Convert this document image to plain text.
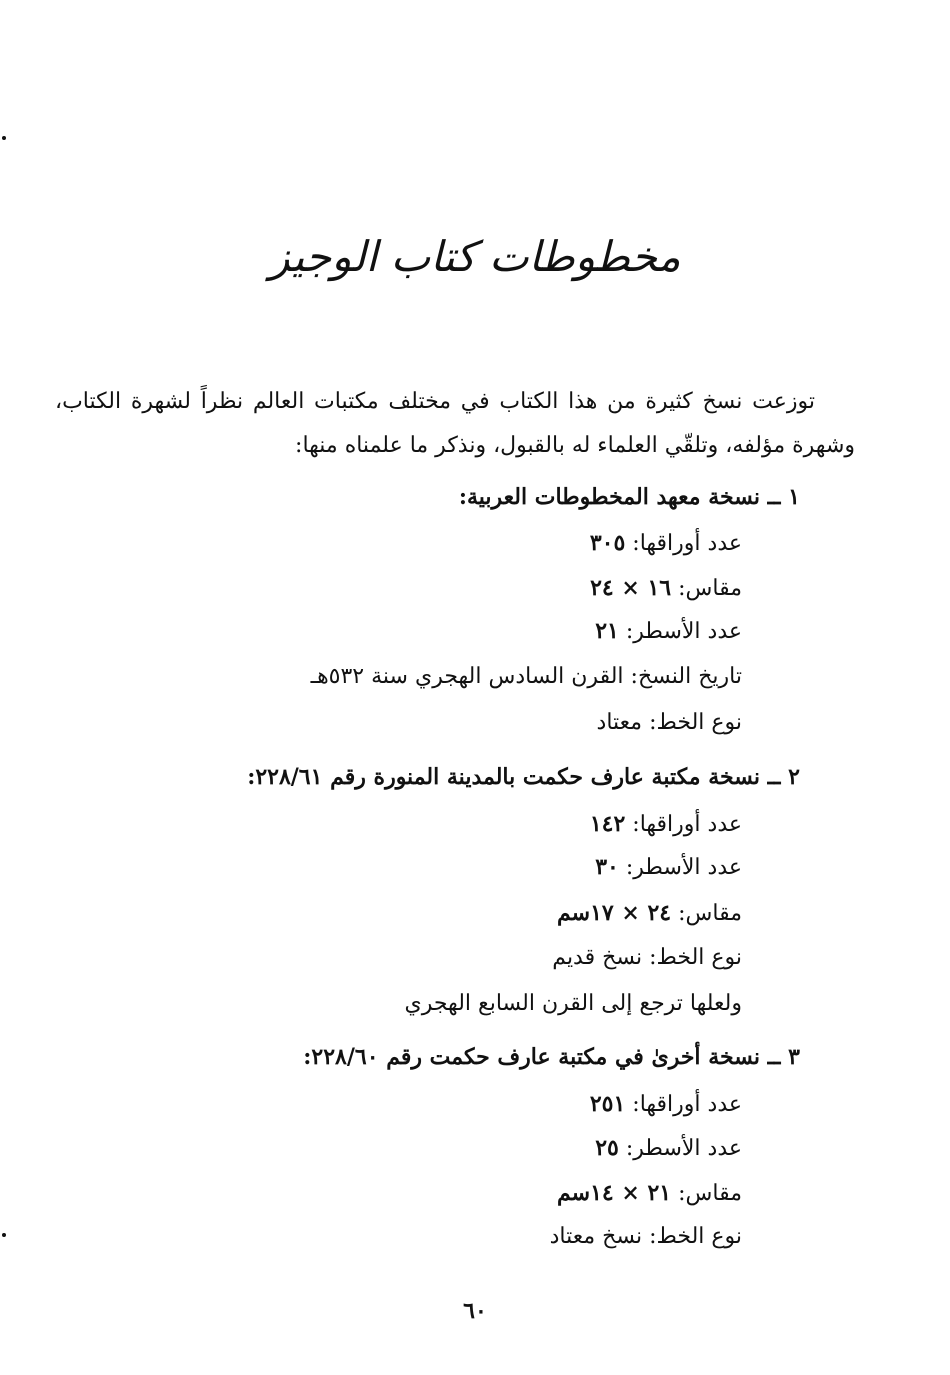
مخطوطات كتاب الوجيز

توزعت نسخ كثيرة من هذا الكتاب في مختلف مكتبات العالم نظراً لشهرة الكتاب، وشهرة مؤلفه، وتلقّي العلماء له بالقبول، ونذكر ما علمناه منها:

١ ــ نسخة معهد المخطوطات العربية:
عدد أوراقها: ٣٠٥
مقاس: ١٦ × ٢٤
عدد الأسطر: ٢١
تاريخ النسخ: القرن السادس الهجري سنة ٥٣٢هـ
نوع الخط: معتاد
٢ ــ نسخة مكتبة عارف حكمت بالمدينة المنورة رقم ٢٢٨/٦١:
عدد أوراقها: ١٤٢
عدد الأسطر: ٣٠
مقاس: ٢٤ × ١٧سم
نوع الخط: نسخ قديم
ولعلها ترجع إلى القرن السابع الهجري
٣ ــ نسخة أخرىٰ في مكتبة عارف حكمت رقم ٢٢٨/٦٠:
عدد أوراقها: ٢٥١
عدد الأسطر: ٢٥
مقاس: ٢١ × ١٤سم
نوع الخط: نسخ معتاد
٦٠
